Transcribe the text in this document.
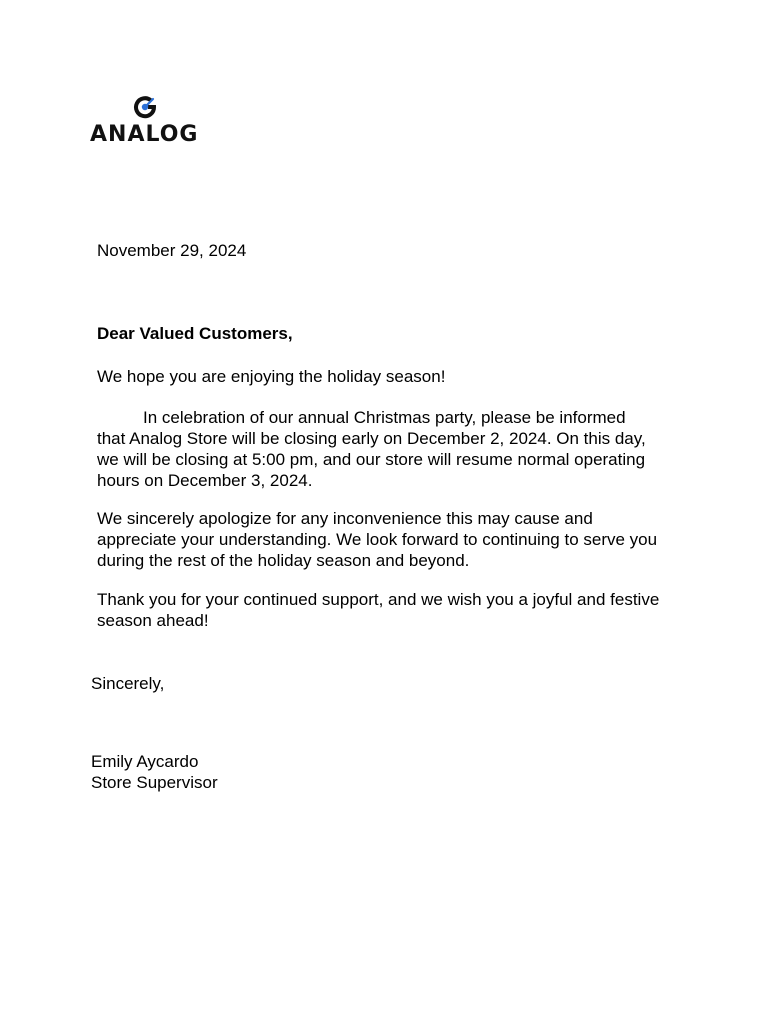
ANALOG

November 29, 2024

Dear Valued Customers,

We hope you are enjoying the holiday season!

In celebration of our annual Christmas party, please be informed
that Analog Store will be closing early on December 2, 2024. On this day,
we will be closing at 5:00 pm, and our store will resume normal operating
hours on December 3, 2024.

We sincerely apologize for any inconvenience this may cause and
appreciate your understanding. We look forward to continuing to serve you
during the rest of the holiday season and beyond.

Thank you for your continued support, and we wish you a joyful and festive
season ahead!

Sincerely,

Emily Aycardo

Store Supervisor
